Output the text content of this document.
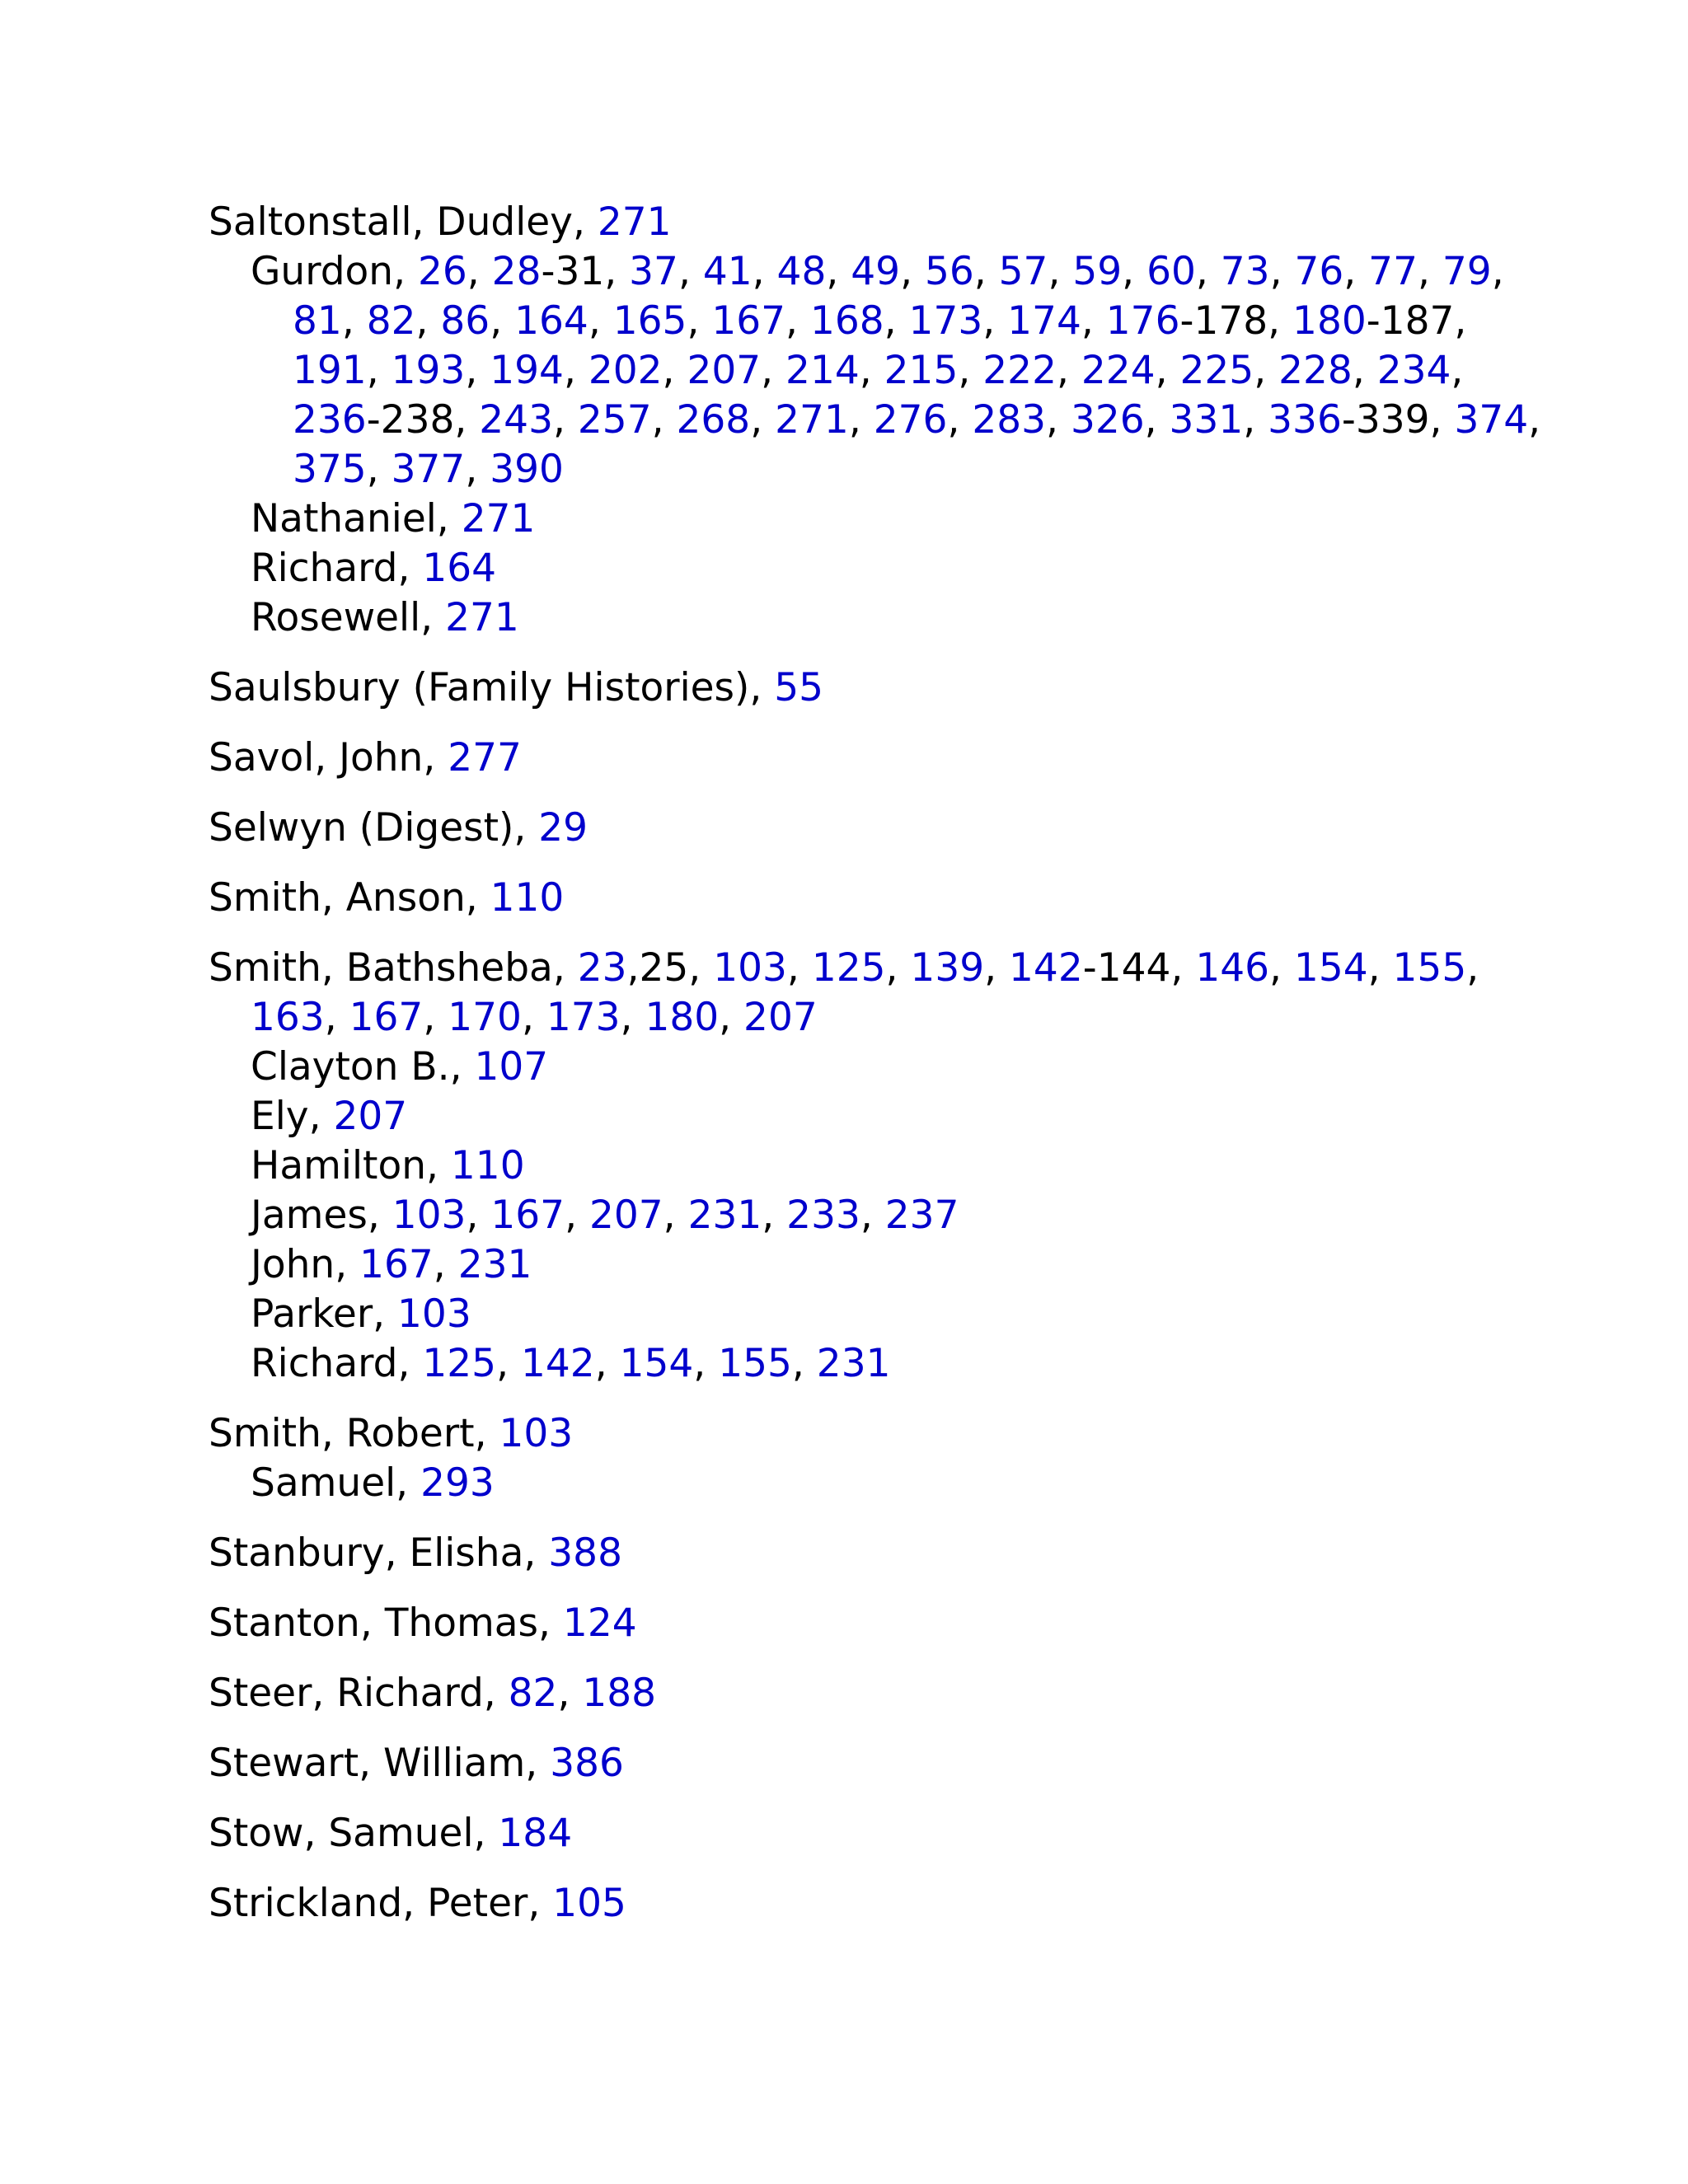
Saltonstall, Dudley, 271
Gurdon, 26, 28-31, 37, 41, 48, 49, 56, 57, 59, 60, 73, 76, 77, 79,
81, 82, 86, 164, 165, 167, 168, 173, 174, 176-178, 180-187,
191, 193, 194, 202, 207, 214, 215, 222, 224, 225, 228, 234,
236-238, 243, 257, 268, 271, 276, 283, 326, 331, 336-339, 374,
375, 377, 390
Nathaniel, 271
Richard, 164
Rosewell, 271
Saulsbury (Family Histories), 55
Savol, John, 277
Selwyn (Digest), 29
Smith, Anson, 110
Smith, Bathsheba, 23,25, 103, 125, 139, 142-144, 146, 154, 155,
163, 167, 170, 173, 180, 207
Clayton B., 107
Ely, 207
Hamilton, 110
James, 103, 167, 207, 231, 233, 237
John, 167, 231
Parker, 103
Richard, 125, 142, 154, 155, 231
Smith, Robert, 103
Samuel, 293
Stanbury, Elisha, 388
Stanton, Thomas, 124
Steer, Richard, 82, 188
Stewart, William, 386
Stow, Samuel, 184
Strickland, Peter, 105
